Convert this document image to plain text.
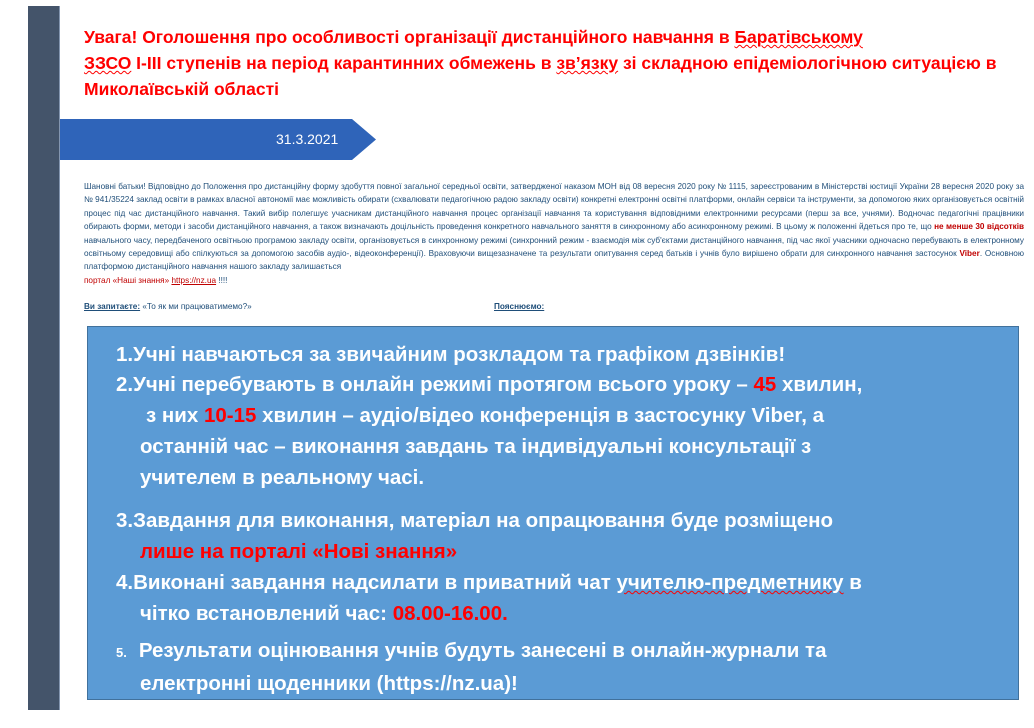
Увага! Оголошення про особливості організації дистанційного навчання в Баратівському
ЗЗСО І-ІІІ ступенів на період карантинних обмежень в зв’язку зі складною епідеміологічною ситуацією в Миколаївській області
31.3.2021
Шановні батьки! Відповідно до Положення про дистанційну форму здобуття повної загальної середньої освіти, затвердженої наказом МОН від 08 вересня 2020 року № 1115, зареєстрованим в Міністерстві юстиції України 28 вересня 2020 року за № 941/35224 заклад освіти в рамках власної автономії має можливість обирати (схвалювати педагогічною радою закладу освіти) конкретні електронні освітні платформи, онлайн сервіси та інструменти, за допомогою яких організовується освітній процес під час дистанційного навчання. Такий вибір полегшує учасникам дистанційного навчання процес організації навчання та користування відповідними електронними ресурсами (перш за все, учнями). Водночас педагогічні працівники обирають форми, методи і засоби дистанційного навчання, а також визначають доцільність проведення конкретного навчального заняття в синхронному або асинхронному режимі. В цьому ж положенні йдеться про те, що не менше 30 відсотків навчального часу, передбаченого освітньою програмою закладу освіти, організовується в синхронному режимі (синхронний режим - взаємодія між суб'єктами дистанційного навчання, під час якої учасники одночасно перебувають в електронному освітньому середовищі або спілкуються за допомогою засобів аудіо-, відеоконференції). Враховуючи вищезазначене та результати опитування серед батьків і учнів було вирішено обрати для синхронного навчання застосунок Viber. Основною платформою дистанційного навчання нашого закладу залишається
портал «Наші знання» https://nz.ua !!!!
Ви запитаєте: «То як ми працюватимемо?»	Пояснюємо:
1.Учні навчаються за звичайним розкладом та графіком дзвінків!
2.Учні перебувають в онлайн режимі протягом всього уроку – 45 хвилин,
з них 10-15 хвилин – аудіо/відео конференція в застосунку Viber, а
останній час – виконання завдань та індивідуальні консультації з
учителем в реальному часі.
3.Завдання для виконання, матеріал на опрацювання буде розміщено
лише на порталі «Нові знання»
4.Виконані завдання надсилати в приватний чат учителю-предметнику в
чітко встановлений час: 08.00-16.00.
5. Результати оцінювання учнів будуть занесені в онлайн-журнали та
електронні щоденники (https://nz.ua)!
